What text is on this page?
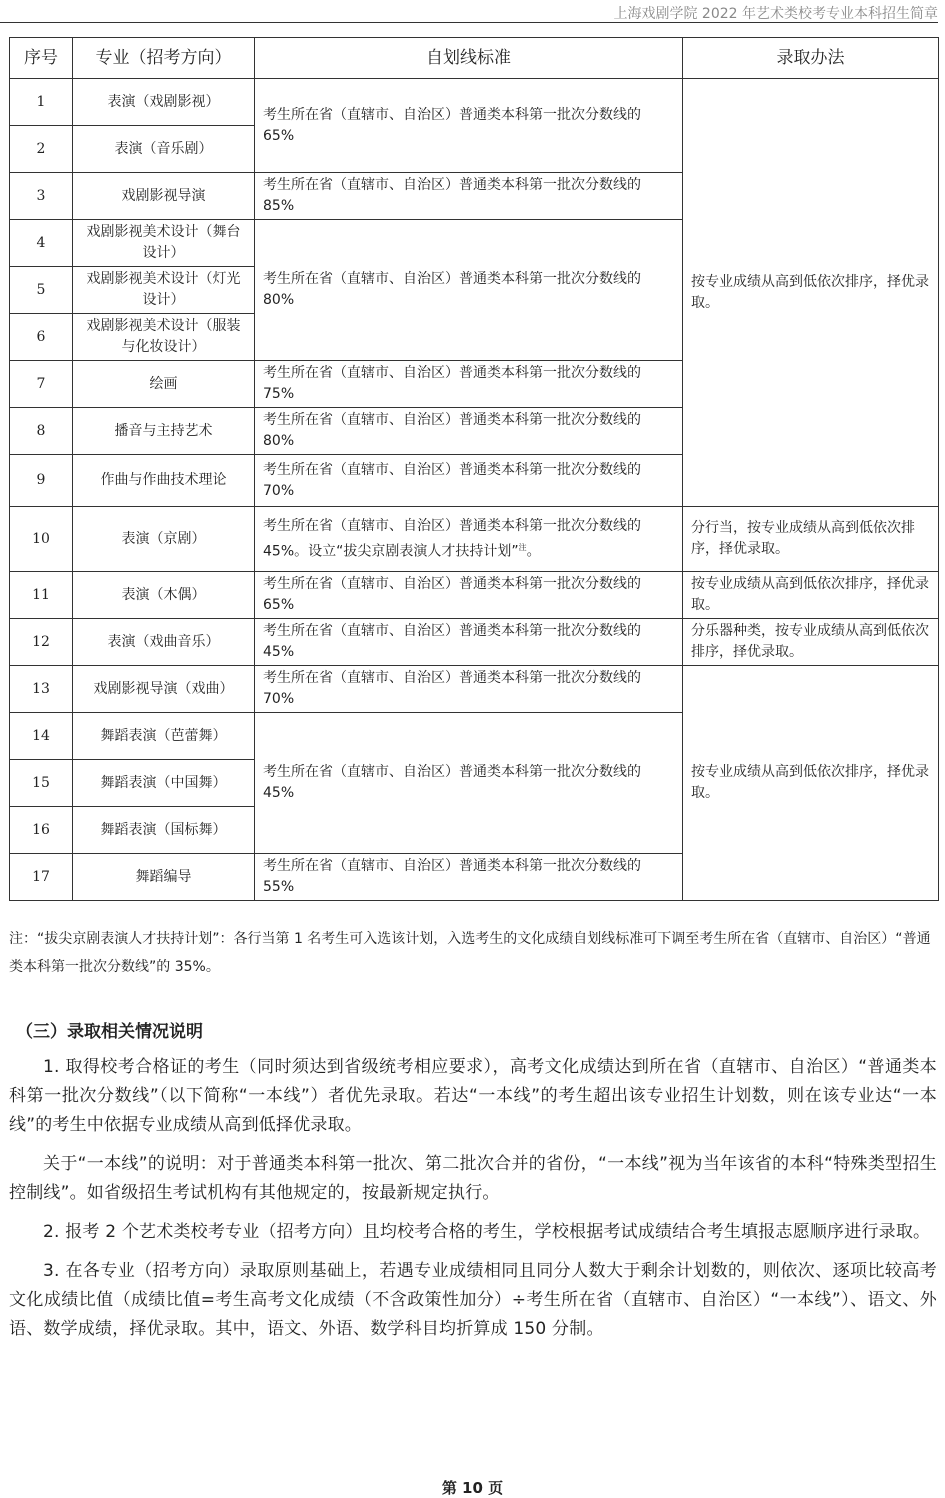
上海戏剧学院 2022 年艺术类校考专业本科招生简章
序号	专业（招考方向）	自划线标准	录取办法
1	表演（戏剧影视）	考生所在省（直辖市、自治区）普通类本科第一批次分数线的 65%	按专业成绩从高到低依次排序，择优录取。
2	表演（音乐剧）		
3	戏剧影视导演	考生所在省（直辖市、自治区）普通类本科第一批次分数线的 85%	
4	戏剧影视美术设计（舞台设计）	考生所在省（直辖市、自治区）普通类本科第一批次分数线的 80%	
5	戏剧影视美术设计（灯光设计）		
6	戏剧影视美术设计（服装与化妆设计）		
7	绘画	考生所在省（直辖市、自治区）普通类本科第一批次分数线的 75%	
8	播音与主持艺术	考生所在省（直辖市、自治区）普通类本科第一批次分数线的 80%	
9	作曲与作曲技术理论	考生所在省（直辖市、自治区）普通类本科第一批次分数线的 70%	
10	表演（京剧）	考生所在省（直辖市、自治区）普通类本科第一批次分数线的 45%。设立“拔尖京剧表演人才扶持计划”$^注$。	分行当，按专业成绩从高到低依次排序，择优录取。
11	表演（木偶）	考生所在省（直辖市、自治区）普通类本科第一批次分数线的 65%	按专业成绩从高到低依次排序，择优录取。
12	表演（戏曲音乐）	考生所在省（直辖市、自治区）普通类本科第一批次分数线的 45%	分乐器种类，按专业成绩从高到低依次排序，择优录取。
13	戏剧影视导演（戏曲）	考生所在省（直辖市、自治区）普通类本科第一批次分数线的 70%	按专业成绩从高到低依次排序，择优录取。
14	舞蹈表演（芭蕾舞）	考生所在省（直辖市、自治区）普通类本科第一批次分数线的 45%	
15	舞蹈表演（中国舞）		
16	舞蹈表演（国标舞）		
17	舞蹈编导	考生所在省（直辖市、自治区）普通类本科第一批次分数线的 55%	
注：“拔尖京剧表演人才扶持计划”：各行当第 1 名考生可入选该计划，入选考生的文化成绩自划线标准可下调至考生所在省（直辖市、自治区）“普通类本科第一批次分数线”的 35%。
（三）录取相关情况说明

1. 取得校考合格证的考生（同时须达到省级统考相应要求），高考文化成绩达到所在省（直辖市、自治区）“普通类本科第一批次分数线”（以下简称“一本线”）者优先录取。若达“一本线”的考生超出该专业招生计划数，则在该专业达“一本线”的考生中依据专业成绩从高到低择优录取。

关于“一本线”的说明：对于普通类本科第一批次、第二批次合并的省份，“一本线”视为当年该省的本科“特殊类型招生控制线”。如省级招生考试机构有其他规定的，按最新规定执行。

2. 报考 2 个艺术类校考专业（招考方向）且均校考合格的考生，学校根据考试成绩结合考生填报志愿顺序进行录取。

3. 在各专业（招考方向）录取原则基础上，若遇专业成绩相同且同分人数大于剩余计划数的，则依次、逐项比较高考文化成绩比值（成绩比值=考生高考文化成绩（不含政策性加分）÷考生所在省（直辖市、自治区）“一本线”）、语文、外语、数学成绩，择优录取。其中，语文、外语、数学科目均折算成 150 分制。

第 10 页
